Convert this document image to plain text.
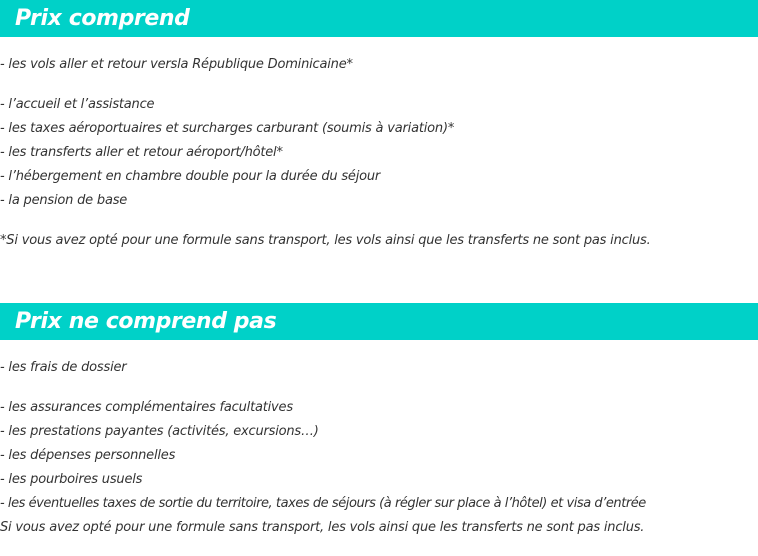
Prix comprend

- les vols aller et retour versla République Dominicaine*

- l’accueil et l’assistance

- les taxes aéroportuaires et surcharges carburant (soumis à variation)*

- les transferts aller et retour aéroport/hôtel*

- l’hébergement en chambre double pour la durée du séjour

- la pension de base

*Si vous avez opté pour une formule sans transport, les vols ainsi que les transferts ne sont pas inclus.

Prix ne comprend pas

- les frais de dossier

- les assurances complémentaires facultatives

- les prestations payantes (activités, excursions…)

- les dépenses personnelles

- les pourboires usuels

- les éventuelles taxes de sortie du territoire, taxes de séjours (à régler sur place à l’hôtel) et visa d’entrée

Si vous avez opté pour une formule sans transport, les vols ainsi que les transferts ne sont pas inclus.
